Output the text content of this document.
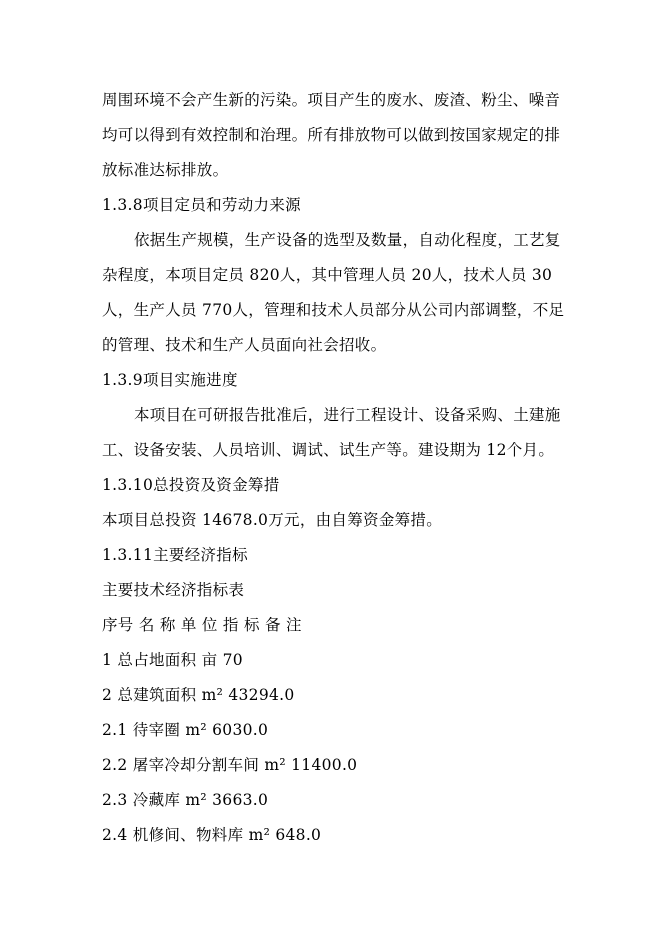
周围环境不会产生新的污染。项目产生的废水、废渣、粉尘、噪音
均可以得到有效控制和治理。所有排放物可以做到按国家规定的排
放标准达标排放。
1.3.8项目定员和劳动力来源
依据生产规模，生产设备的选型及数量，自动化程度，工艺复
杂程度，本项目定员 820人，其中管理人员 20人，技术人员 30
人，生产人员 770人，管理和技术人员部分从公司内部调整，不足
的管理、技术和生产人员面向社会招收。
1.3.9项目实施进度
本项目在可研报告批准后，进行工程设计、设备采购、土建施
工、设备安装、人员培训、调试、试生产等。建设期为 12个月。
1.3.10总投资及资金筹措
本项目总投资 14678.0万元，由自筹资金筹措。
1.3.11主要经济指标
主要技术经济指标表
序号 名 称 单 位 指 标 备 注
1 总占地面积 亩 70
2 总建筑面积 m² 43294.0
2.1 待宰圈 m² 6030.0
2.2 屠宰冷却分割车间 m² 11400.0
2.3 冷藏库 m² 3663.0
2.4 机修间、物料库 m² 648.0
